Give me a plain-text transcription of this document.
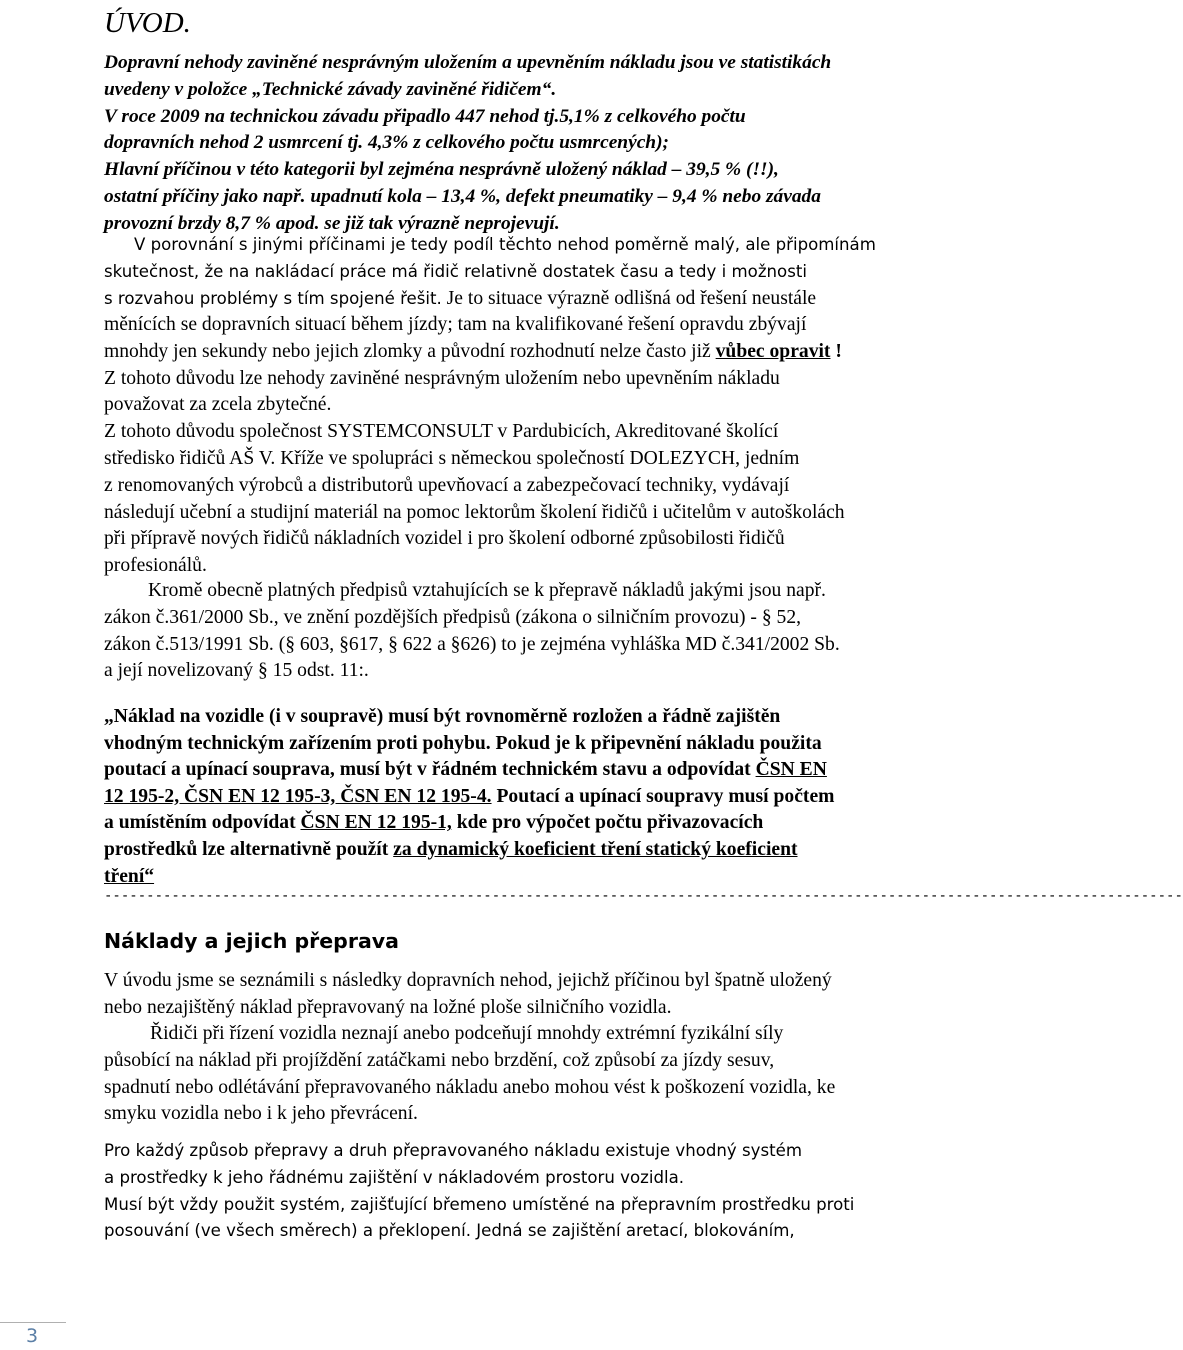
ÚVOD.
Dopravní nehody zaviněné nesprávným uložením a upevněním nákladu jsou ve statistikách
uvedeny v položce „Technické závady zaviněné řidičem“.
V roce 2009 na technickou závadu připadlo 447 nehod tj.5,1% z celkového počtu
dopravních nehod 2 usmrcení tj. 4,3% z celkového počtu usmrcených);
Hlavní příčinou v této kategorii byl zejména nesprávně uložený náklad – 39,5 % (!!),
ostatní příčiny jako např. upadnutí kola – 13,4 %, defekt pneumatiky – 9,4 % nebo závada
provozní brzdy 8,7 % apod. se již tak výrazně neprojevují.
V porovnání s jinými příčinami je tedy podíl těchto nehod poměrně malý, ale připomínám
skutečnost, že na nakládací práce má řidič relativně dostatek času a tedy i možnosti
s rozvahou problémy s tím spojené řešit. Je to situace výrazně odlišná od řešení neustále
měnících se dopravních situací během jízdy; tam na kvalifikované řešení opravdu zbývají
mnohdy jen sekundy nebo jejich zlomky a původní rozhodnutí nelze často již vůbec opravit !
Z tohoto důvodu lze nehody zaviněné nesprávným uložením nebo upevněním nákladu
považovat za zcela zbytečné.
Z tohoto důvodu společnost SYSTEMCONSULT v Pardubicích, Akreditované školící
středisko řidičů AŠ V. Kříže ve spolupráci s německou společností DOLEZYCH, jedním
z renomovaných výrobců a distributorů upevňovací a zabezpečovací techniky, vydávají
následují učební a studijní materiál na pomoc lektorům školení řidičů i učitelům v autoškolách
při přípravě nových řidičů nákladních vozidel i pro školení odborné způsobilosti řidičů
profesionálů.
Kromě obecně platných předpisů vztahujících se k přepravě nákladů jakými jsou např.
zákon č.361/2000 Sb., ve znění pozdějších předpisů (zákona o silničním provozu) - § 52,
zákon č.513/1991 Sb. (§ 603, §617, § 622 a §626) to je zejména vyhláška MD č.341/2002 Sb.
a její novelizovaný § 15 odst. 11:.
„Náklad na vozidle (i v soupravě) musí být rovnoměrně rozložen a řádně zajištěn
vhodným technickým zařízením proti pohybu. Pokud je k připevnění nákladu použita
poutací a upínací souprava, musí být v řádném technickém stavu a odpovídat ČSN EN
12 195-2, ČSN EN 12 195-3, ČSN EN 12 195-4. Poutací a upínací soupravy musí počtem
a umístěním odpovídat ČSN EN 12 195-1, kde pro výpočet počtu přivazovacích
prostředků lze alternativně použít za dynamický koeficient tření statický koeficient
tření“
--------------------------------------------------------------------------------------------------------------------------------
Náklady a jejich přeprava
V úvodu jsme se seznámili s následky dopravních nehod, jejichž příčinou byl špatně uložený
nebo nezajištěný náklad přepravovaný na ložné ploše silničního vozidla.
Řidiči při řízení vozidla neznají anebo podceňují mnohdy extrémní fyzikální síly
působící na náklad při projíždění zatáčkami nebo brzdění, což způsobí za jízdy sesuv,
spadnutí nebo odlétávání přepravovaného nákladu anebo mohou vést k poškození vozidla, ke
smyku vozidla nebo i k jeho převrácení.
Pro každý způsob přepravy a druh přepravovaného nákladu existuje vhodný systém
a prostředky k jeho řádnému zajištění v nákladovém prostoru vozidla.
Musí být vždy použit systém, zajišťující břemeno umístěné na přepravním prostředku proti
posouvání (ve všech směrech) a překlopení. Jedná se zajištění aretací, blokováním,
3
